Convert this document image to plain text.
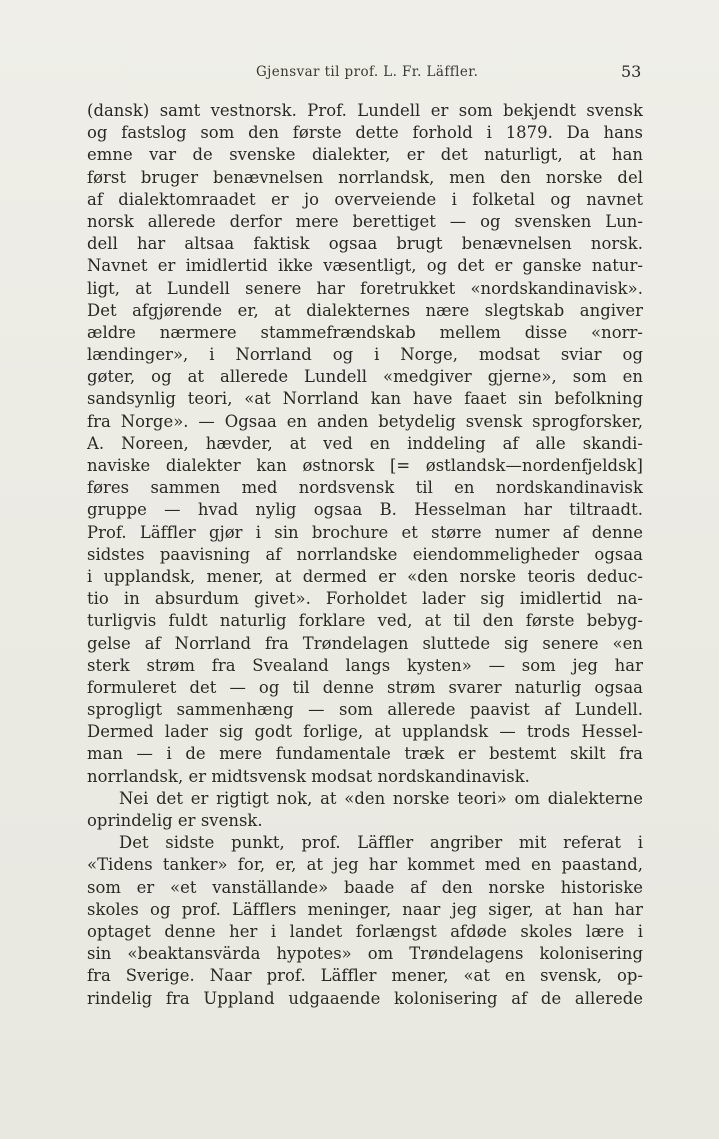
Gjensvar til prof. L. Fr. Läffler.	53
(dansk) samt vestnorsk. Prof. Lundell er som bekjendt svensk
og fastslog som den første dette forhold i 1879. Da hans
emne var de svenske dialekter, er det naturligt, at han
først bruger benævnelsen norrlandsk, men den norske del
af dialektomraadet er jo overveiende i folketal og navnet
norsk allerede derfor mere berettiget — og svensken Lun-
dell har altsaa faktisk ogsaa brugt benævnelsen norsk.
Navnet er imidlertid ikke væsentligt, og det er ganske natur-
ligt, at Lundell senere har foretrukket «nordskandinavisk».
Det afgjørende er, at dialekternes nære slegtskab angiver
ældre nærmere stammefrændskab mellem disse «norr-
lændinger», i Norrland og i Norge, modsat sviar og
gøter, og at allerede Lundell «medgiver gjerne», som en
sandsynlig teori, «at Norrland kan have faaet sin befolkning
fra Norge». — Ogsaa en anden betydelig svensk sprogforsker,
A. Noreen, hævder, at ved en inddeling af alle skandi-
naviske dialekter kan østnorsk [= østlandsk—nordenfjeldsk]
føres sammen med nordsvensk til en nordskandinavisk
gruppe — hvad nylig ogsaa B. Hesselman har tiltraadt.
Prof. Läffler gjør i sin brochure et større numer af denne
sidstes paavisning af norrlandske eiendommeligheder ogsaa
i upplandsk, mener, at dermed er «den norske teoris deduc-
tio in absurdum givet». Forholdet lader sig imidlertid na-
turligvis fuldt naturlig forklare ved, at til den første bebyg-
gelse af Norrland fra Trøndelagen sluttede sig senere «en
sterk strøm fra Svealand langs kysten» — som jeg har
formuleret det — og til denne strøm svarer naturlig ogsaa
sprogligt sammenhæng — som allerede paavist af Lundell.
Dermed lader sig godt forlige, at upplandsk — trods Hessel-
man — i de mere fundamentale træk er bestemt skilt fra
norrlandsk, er midtsvensk modsat nordskandinavisk.
Nei det er rigtigt nok, at «den norske teori» om dialekterne
oprindelig er svensk.
Det sidste punkt, prof. Läffler angriber mit referat i
«Tidens tanker» for, er, at jeg har kommet med en paastand,
som er «et vanställande» baade af den norske historiske
skoles og prof. Läfflers meninger, naar jeg siger, at han har
optaget denne her i landet forlængst afdøde skoles lære i
sin «beaktansvärda hypotes» om Trøndelagens kolonisering
fra Sverige. Naar prof. Läffler mener, «at en svensk, op-
rindelig fra Uppland udgaaende kolonisering af de allerede
